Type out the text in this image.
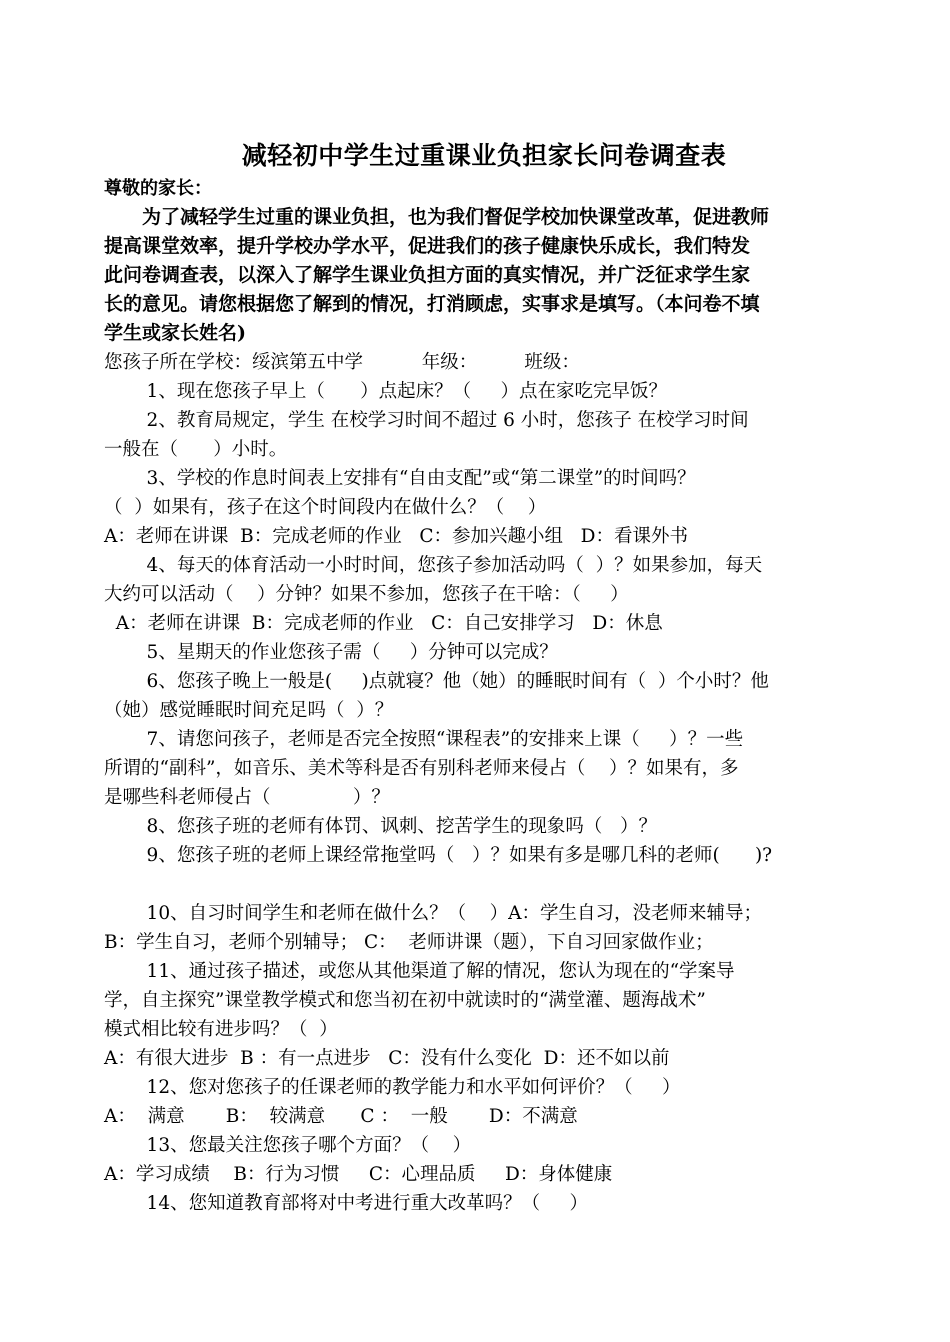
减轻初中学生过重课业负担家长问卷调查表
尊敬的家长：
为了减轻学生过重的课业负担，也为我们督促学校加快课堂改革，促进教师
提高课堂效率，提升学校办学水平，促进我们的孩子健康快乐成长，我们特发
此问卷调查表，以深入了解学生课业负担方面的真实情况，并广泛征求学生家
长的意见。请您根据您了解到的情况，打消顾虑，实事求是填写。（本问卷不填
学生或家长姓名)
您孩子所在学校：绥滨第五中学          年级：        班级：
1、现在您孩子早上（      ）点起床？（     ）点在家吃完早饭？
2、教育局规定，学生 在校学习时间不超过 6 小时，您孩子 在校学习时间
一般在（      ）小时。
3、学校的作息时间表上安排有“自由支配”或“第二课堂”的时间吗？
（  ）如果有，孩子在这个时间段内在做什么？（    ）
A：老师在讲课  B：完成老师的作业   C：参加兴趣小组   D：看课外书
4、每天的体育活动一小时时间，您孩子参加活动吗（  ）？如果参加，每天
大约可以活动（    ）分钟？如果不参加，您孩子在干啥：（     ）
A：老师在讲课  B：完成老师的作业   C：自己安排学习   D：休息
5、星期天的作业您孩子需（     ）分钟可以完成？
6、您孩子晚上一般是(     )点就寝？他（她）的睡眠时间有（  ）个小时？他
（她）感觉睡眠时间充足吗（  ）？
7、请您问孩子，老师是否完全按照“课程表”的安排来上课（     ）？一些
所谓的“副科”，如音乐、美术等科是否有别科老师来侵占（    ）？如果有，多
是哪些科老师侵占（              ）？
8、您孩子班的老师有体罚、讽刺、挖苦学生的现象吗（   ）？
9、您孩子班的老师上课经常拖堂吗（   ）？如果有多是哪几科的老师(      )?

10、自习时间学生和老师在做什么？（    ）A：学生自习，没老师来辅导；
B：学生自习，老师个别辅导； C：  老师讲课（题），下自习回家做作业；
11、通过孩子描述，或您从其他渠道了解的情况，您认为现在的“学案导
学，自主探究”课堂教学模式和您当初在初中就读时的“满堂灌、题海战术”
模式相比较有进步吗？（  ）
A：有很大进步  B ：有一点进步   C：没有什么变化  D：还不如以前
12、您对您孩子的任课老师的教学能力和水平如何评价？（     ）
A：  满意       B：  较满意      C ：  一般       D：不满意
13、您最关注您孩子哪个方面？（    ）
A：学习成绩    B：行为习惯     C：心理品质     D：身体健康
14、您知道教育部将对中考进行重大改革吗？（     ）
